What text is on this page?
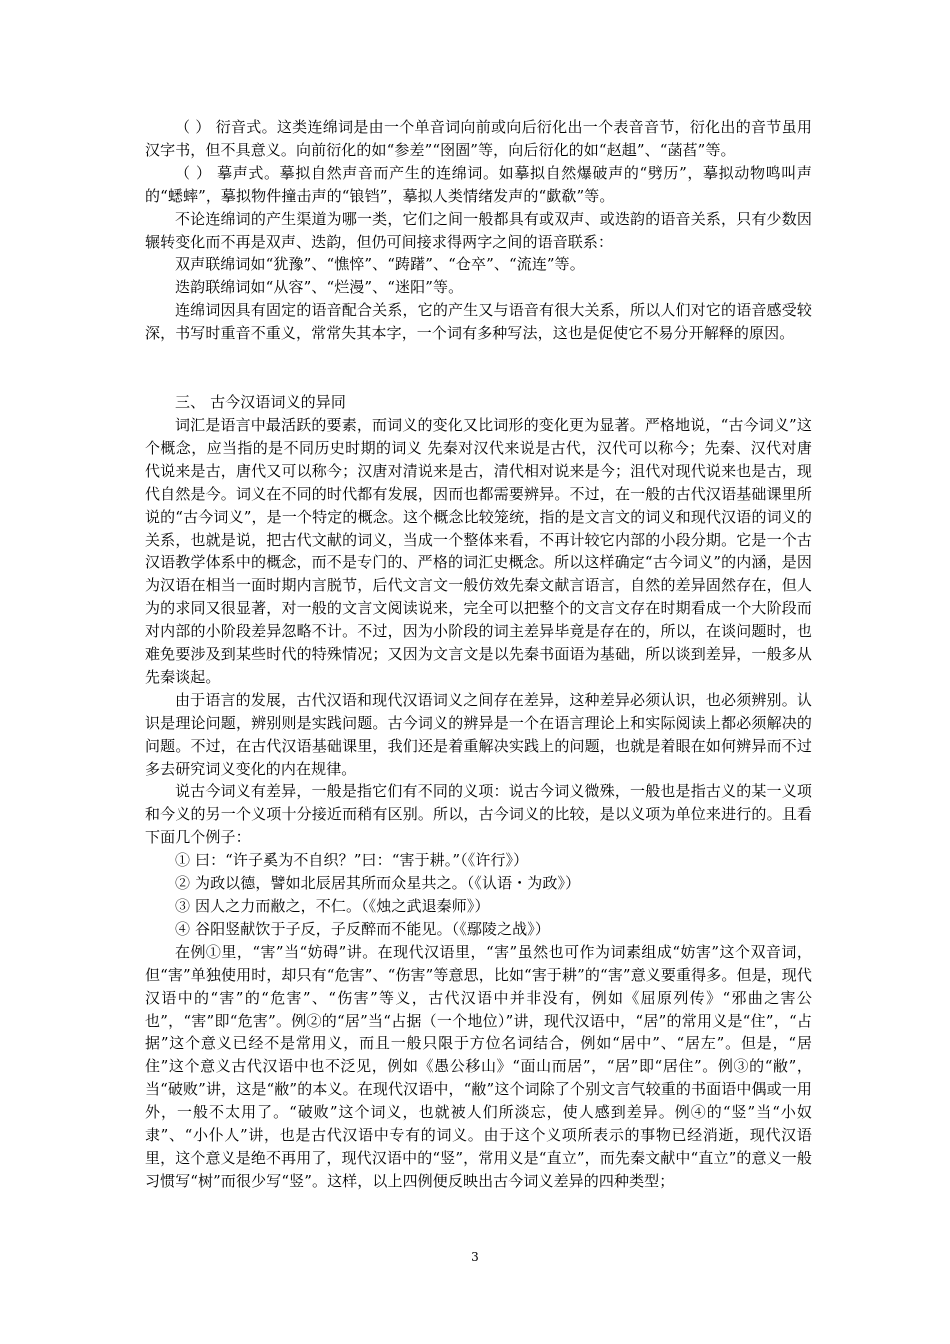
（ ） 衍音式。这类连绵词是由一个单音词向前或向后衍化出一个表音音节，衍化出的音节虽用汉字书，但不具意义。向前衍化的如“参差”“囹圄”等，向后衍化的如“赵趄”、“菡萏”等。

（ ） 摹声式。摹拟自然声音而产生的连绵词。如摹拟自然爆破声的“劈历”，摹拟动物鸣叫声的“蟋蟀”，摹拟物件撞击声的“锒铛”，摹拟人类情绪发声的“歔欷”等。

不论连绵词的产生渠道为哪一类，它们之间一般都具有或双声、或迭韵的语音关系，只有少数因辗转变化而不再是双声、迭韵，但仍可间接求得两字之间的语音联系：

双声联绵词如“犹豫”、“憔悴”、“踌躇”、“仓卒”、“流连”等。

迭韵联绵词如“从容”、“烂漫”、“迷阳”等。

连绵词因具有固定的语音配合关系，它的产生又与语音有很大关系，所以人们对它的语音感受较深，书写时重音不重义，常常失其本字，一个词有多种写法，这也是促使它不易分开解释的原因。

三、 古今汉语词义的异同

词汇是语言中最活跃的要素，而词义的变化又比词形的变化更为显著。严格地说，“古今词义”这个概念，应当指的是不同历史时期的词义 先秦对汉代来说是古代，汉代可以称今；先秦、汉代对唐代说来是古，唐代又可以称今；汉唐对清说来是古，清代相对说来是今；沮代对现代说来也是古，现代自然是今。词义在不同的时代都有发展，因而也都需要辨异。不过，在一般的古代汉语基础课里所说的“古今词义”，是一个特定的概念。这个概念比较笼统，指的是文言文的词义和现代汉语的词义的关系，也就是说，把古代文献的词义，当成一个整体来看，不再计较它内部的小段分期。它是一个古汉语教学体系中的概念，而不是专门的、严格的词汇史概念。所以这样确定“古今词义”的内涵，是因为汉语在相当一面时期内言脱节，后代文言文一般仿效先秦文献言语言，自然的差异固然存在，但人为的求同又很显著，对一般的文言文阅读说来，完全可以把整个的文言文存在时期看成一个大阶段而对内部的小阶段差异忽略不计。不过，因为小阶段的词主差异毕竟是存在的，所以，在谈问题时，也难免要涉及到某些时代的特殊情况；又因为文言文是以先秦书面语为基础，所以谈到差异，一般多从先秦谈起。

由于语言的发展，古代汉语和现代汉语词义之间存在差异，这种差异必须认识，也必须辨别。认识是理论问题，辨别则是实践问题。古今词义的辨异是一个在语言理论上和实际阅读上都必须解决的问题。不过，在古代汉语基础课里，我们还是着重解决实践上的问题，也就是着眼在如何辨异而不过多去研究词义变化的内在规律。

说古今词义有差异，一般是指它们有不同的义项：说古今词义微殊，一般也是指古义的某一义项和今义的另一个义项十分接近而稍有区别。所以，古今词义的比较，是以义项为单位来进行的。且看下面几个例子：

① 曰：“许子奚为不自织？”曰：“害于耕。”（《许行》）

② 为政以德，譬如北辰居其所而众星共之。（《认语・为政》）

③ 因人之力而敝之，不仁。（《烛之武退秦师》）

④ 谷阳竖献饮于子反，子反醉而不能见。（《鄢陵之战》）

在例①里，“害”当“妨碍”讲。在现代汉语里，“害”虽然也可作为词素组成“妨害”这个双音词，但“害”单独使用时，却只有“危害”、“伤害”等意思，比如“害于耕”的“害”意义要重得多。但是，现代汉语中的“害”的“危害”、“伤害”等义，古代汉语中并非没有，例如《屈原列传》“邪曲之害公也”，“害”即“危害”。例②的“居”当“占据（一个地位）”讲，现代汉语中，“居”的常用义是“住”，“占据”这个意义已经不是常用义，而且一般只限于方位名词结合，例如“居中”、“居左”。但是，“居住”这个意义古代汉语中也不泛见，例如《愚公移山》“面山而居”，“居”即“居住”。例③的“敝”，当“破败”讲，这是“敝”的本义。在现代汉语中，“敝”这个词除了个别文言气较重的书面语中偶或一用外，一般不太用了。“破败”这个词义，也就被人们所淡忘，使人感到差异。例④的“竖”当“小奴隶”、“小仆人”讲，也是古代汉语中专有的词义。由于这个义项所表示的事物已经消逝，现代汉语里，这个意义是绝不再用了，现代汉语中的“竖”，常用义是“直立”，而先秦文献中“直立”的意义一般习惯写“树”而很少写“竖”。这样，以上四例便反映出古今词义差异的四种类型；

3
